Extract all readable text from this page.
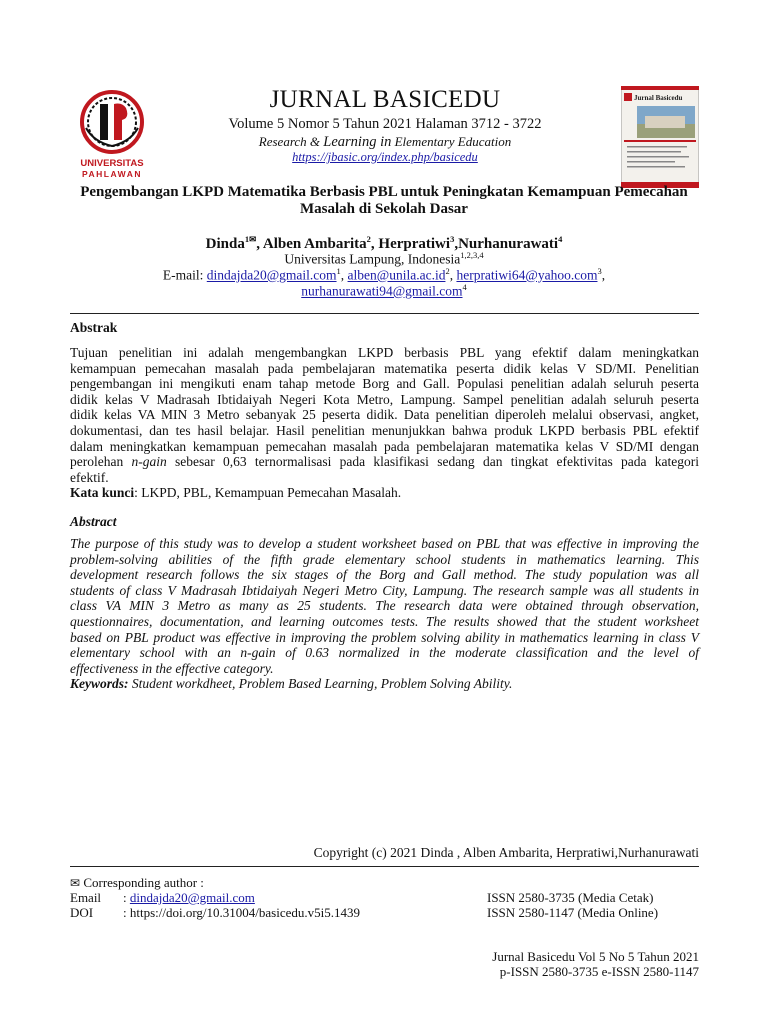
UNIVERSITAS
PAHLAWAN
JURNAL BASICEDU
Volume 5 Nomor 5 Tahun 2021 Halaman 3712 - 3722
Research & Learning in Elementary Education
https://jbasic.org/index.php/basicedu
Jurnal Basicedu
Pengembangan LKPD Matematika Berbasis PBL untuk Peningkatan Kemampuan Pemecahan
Masalah di Sekolah Dasar
Dinda$^{1✉}$, Alben Ambarita$^2$, Herpratiwi$^3$,Nurhanurawati$^4$
Universitas Lampung, Indonesia$^{1,2,3,4}$
E-mail: dindajda20@gmail.com$^1$, $alben@unila.ac.id^2$, herpratiwi64@yahoo.com$^3$,
nurhanurawati94@gmail.com$^4$
Abstrak
Tujuan penelitian ini adalah mengembangkan LKPD berbasis PBL yang efektif dalam meningkatkan
kemampuan pemecahan masalah pada pembelajaran matematika peserta didik kelas V SD/MI. Penelitian
pengembangan ini mengikuti enam tahap metode Borg and Gall. Populasi penelitian adalah seluruh peserta
didik kelas V Madrasah Ibtidaiyah Negeri Kota Metro, Lampung. Sampel penelitian adalah seluruh peserta
didik kelas VA MIN 3 Metro sebanyak 25 peserta didik. Data penelitian diperoleh melalui observasi, angket,
dokumentasi, dan tes hasil belajar. Hasil penelitian menunjukkan bahwa produk LKPD berbasis PBL efektif
dalam meningkatkan kemampuan pemecahan masalah pada pembelajaran matematika kelas V SD/MI dengan
perolehan n-gain sebesar 0,63 ternormalisasi pada klasifikasi sedang dan tingkat efektivitas pada kategori
efektif.
Kata kunci: LKPD, PBL, Kemampuan Pemecahan Masalah.
Abstract
The purpose of this study was to develop a student worksheet based on PBL that was effective in improving the
problem-solving abilities of the fifth grade elementary school students in mathematics learning. This
development research follows the six stages of the Borg and Gall method. The study population was all
students of class V Madrasah Ibtidaiyah Negeri Metro City, Lampung. The research sample was all students in
class VA MIN 3 Metro as many as 25 students. The research data were obtained through observation,
questionnaires, documentation, and learning outcomes tests. The results showed that the student worksheet
based on PBL product was effective in improving the problem solving ability in mathematics learning in class V
elementary school with an n-gain of 0.63 normalized in the moderate classification and the level of
effectiveness in the effective category.
Keywords: Student workdheet, Problem Based Learning, Problem Solving Ability.
Copyright (c) 2021 Dinda , Alben Ambarita, Herpratiwi,Nurhanurawati
✉ Corresponding author :
Email : dindajda20@gmail.com
DOI : https://doi.org/10.31004/basicedu.v5i5.1439
ISSN 2580-3735 (Media Cetak)
ISSN 2580-1147 (Media Online)
Jurnal Basicedu Vol 5 No 5 Tahun 2021
p-ISSN 2580-3735 e-ISSN 2580-1147
